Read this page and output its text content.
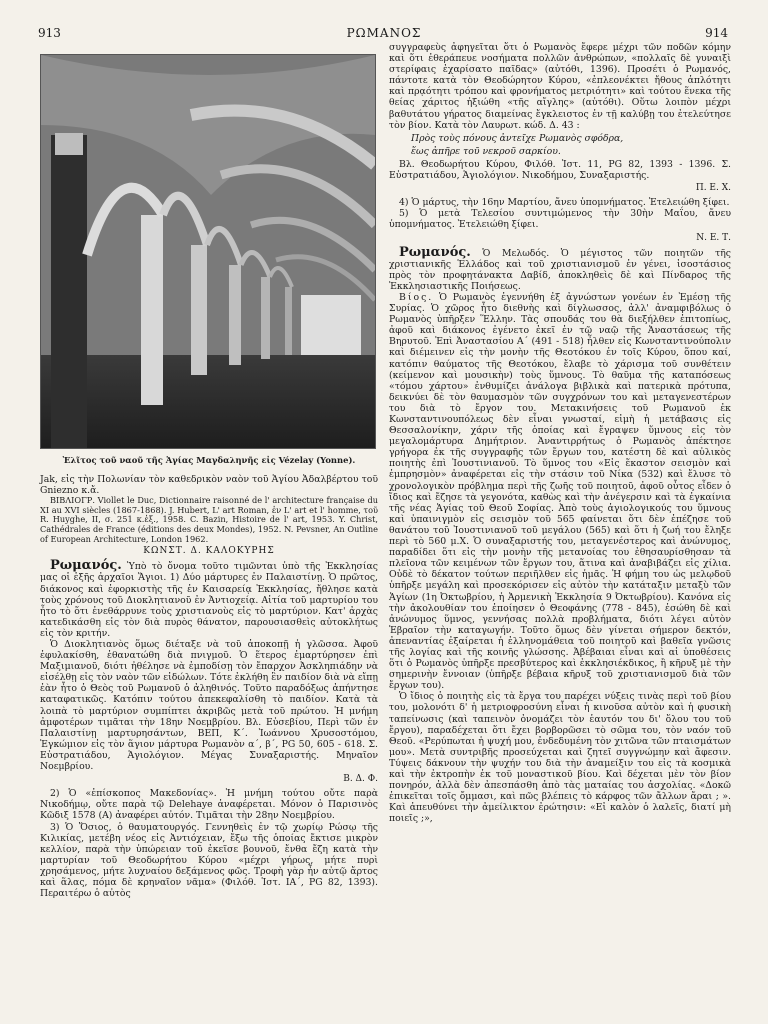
913	ΡΩΜΑΝΟΣ	914
Ἐλῖτος τοῦ ναοῦ τῆς Ἁγίας Μαγδαληνῆς εἰς Vézelay (Yonne).

Jak, εἰς τὴν Πολωνίαν τὸν καθεδρικὸν ναὸν τοῦ Ἁγίου Ἀδαλβέρτου τοῦ Gniezno κ.ἄ.

ΒΙΒΛΙΟΓΡ. Viollet le Duc, Dictionnaire raisonné de l' architecture française du XI au XVI siècles (1867-1868). J. Hubert, L' art Roman, ἐν L' art et l' homme, τοῦ R. Huyghe, II, σ. 251 κ.ἑξ., 1958. C. Bazin, Histoire de l' art, 1953. Y. Christ, Cathédrales de France (éditions des deux Mondes), 1952. N. Pevsner, An Outline of European Architecture, London 1962.

ΚΩΝΣΤ. Δ. ΚΑΛΟΚΥΡΗΣ

Ρωμανός. Ὑπὸ τὸ ὄνομα τοῦτο τιμῶνται ὑπὸ τῆς Ἐκκλησίας μας οἱ ἑξῆς ἀρχαῖοι Ἅγιοι. 1) Δύο μάρτυρες ἐν Παλαιστίνῃ. Ὁ πρῶτος, διάκονος καὶ ἐφορκιστὴς τῆς ἐν Καισαρείᾳ Ἐκκλησίας, ἤθλησε κατὰ τοὺς χρόνους τοῦ Διοκλητιανοῦ ἐν Ἀντιοχείᾳ. Αἰτία τοῦ μαρτυρίου του ἦτο τὸ ὅτι ἐνεθάρρυνε τοὺς χριστιανοὺς εἰς τὸ μαρτύριον. Κατ' ἀρχὰς κατεδικάσθη εἰς τὸν διὰ πυρὸς θάνατον, παρουσιασθεὶς αὐτοκλήτως εἰς τὸν κριτήν.

Ὁ Διοκλητιανὸς ὅμως διέταξε νὰ τοῦ ἀποκοπῇ ἡ γλῶσσα. Ἀφοῦ ἐφυλακίσθη, ἐθανατώθη διὰ πνιγμοῦ. Ὁ ἕτερος ἐμαρτύρησεν ἐπὶ Μαξιμιανοῦ, διότι ἠθέλησε νὰ ἐμποδίσῃ τὸν ἔπαρχον Ἀσκληπιάδην νὰ εἰσέλθῃ εἰς τὸν ναὸν τῶν εἰδώλων. Τότε ἐκλήθη ἓν παιδίον διὰ νὰ εἴπῃ ἐὰν ἦτο ὁ Θεὸς τοῦ Ρωμανοῦ ὁ ἀληθινός. Τοῦτο παραδόξως ἀπήντησε καταφατικῶς. Κατόπιν τούτου ἀπεκεφαλίσθη τὸ παιδίον. Κατὰ τὰ λοιπὰ τὸ μαρτύριον συμπίπτει ἀκριβῶς μετὰ τοῦ πρώτου. Ἡ μνήμη ἀμφοτέρων τιμᾶται τὴν 18ην Νοεμβρίου. Βλ. Εὐσεβίου, Περὶ τῶν ἐν Παλαιστίνῃ μαρτυρησάντων, ΒΕΠ, Κ΄. Ἰωάννου Χρυσοστόμου, Ἐγκώμιον εἰς τὸν ἅγιον μάρτυρα Ρωμανὸν α΄, β΄, PG 50, 605 - 618. Σ. Εὐστρατιάδου, Ἁγιολόγιον. Μέγας Συναξαριστής. Μηναῖον Νοεμβρίου.

Β. Δ. Φ.

2) Ὁ «ἐπίσκοπος Μακεδονίας». Ἡ μνήμη τούτου οὔτε παρὰ Νικοδήμῳ, οὔτε παρὰ τῷ Delehaye ἀναφέρεται. Μόνον ὁ Παρισινὸς Κῶδιξ 1578 (Α) ἀναφέρει αὐτόν. Τιμᾶται τὴν 28ην Νοεμβρίου.

3) Ὁ Ὅσιος, ὁ θαυματουργός. Γεννηθεὶς ἐν τῷ χωρίῳ Ρώσῳ τῆς Κιλικίας, μετέβη νέος εἰς Ἀντιόχειαν, ἔξω τῆς ὁποίας ἔκτισε μικρὸν κελλίον, παρὰ τὴν ὑπώρειαν τοῦ ἐκεῖσε βουνοῦ, ἔνθα ἔζη κατὰ τὴν μαρτυρίαν τοῦ Θεοδωρήτου Κύρου «μέχρι γήρως, μήτε πυρὶ χρησάμενος, μήτε λυχναίου δεξάμενος φῶς. Τροφὴ γὰρ ἦν αὐτῷ ἄρτος καὶ ἅλας, πόμα δὲ κρηναῖον νᾶμα» (Φιλόθ. Ἱστ. ΙΑ΄, PG 82, 1393). Περαιτέρω ὁ αὐτὸς

συγγραφεὺς ἀφηγεῖται ὅτι ὁ Ρωμανὸς ἔφερε μέχρι τῶν ποδῶν κόμην καὶ ὅτι ἐθεράπευε νοσήματα πολλῶν ἀνθρώπων, «πολλαῖς δὲ γυναιξὶ στερίφαις ἐχαρίσατο παῖδας» (αὐτόθι, 1396). Προσέτι ὁ Ρωμανός, πάντοτε κατὰ τὸν Θεοδώρητον Κύρου, «ἐπλεονέκτει ἤθους ἁπλότητι καὶ πρᾳότητι τρόπου καὶ φρονήματος μετριότητι» καὶ τούτου ἕνεκα τῆς θείας χάριτος ἠξιώθη «τῆς αἴγλης» (αὐτόθι). Οὕτω λοιπὸν μέχρι βαθυτάτου γήρατος διαμείνας ἔγκλειστος ἐν τῇ καλύβῃ του ἐτελεύτησε τὸν βίον. Κατὰ τὸν Λαυρωτ. κώδ. Δ. 43 :

Πρὸς τοὺς πόνους ἀντεῖχε Ρωμανὸς σφόδρα,
ἕως ἀπῆρε τοῦ νεκροῦ σαρκίου.

Βλ. Θεοδωρήτου Κύρου, Φιλόθ. Ἱστ. 11, PG 82, 1393 - 1396. Σ. Εὐστρατιάδου, Ἁγιολόγιον. Νικοδήμου, Συναξαριστής.

Π. Ε. Χ.

4) Ὁ μάρτυς, τὴν 16ην Μαρτίου, ἄνευ ὑπομνήματος. Ἐτελειώθη ξίφει.

5) Ὁ μετὰ Τελεσίου συντιμώμενος τὴν 30ὴν Μαΐου, ἄνευ ὑπομνήματος. Ἐτελειώθη ξίφει.

Ν. Ε. Τ.

Ρωμανός. Ὁ Μελωδός. Ὁ μέγιστος τῶν ποιητῶν τῆς χριστιανικῆς Ἑλλάδος καὶ τοῦ χριστιανισμοῦ ἐν γένει, ἰσοστάσιος πρὸς τὸν προφητάνακτα Δαβίδ, ἀποκληθεὶς δὲ καὶ Πίνδαρος τῆς Ἐκκλησιαστικῆς Ποιήσεως.

Βίος. Ὁ Ρωμανὸς ἐγεννήθη ἐξ ἀγνώστων γονέων ἐν Ἐμέσῃ τῆς Συρίας. Ὁ χῶρος ἦτο διεθνὴς καὶ δίγλωσσος, ἀλλ' ἀναμφιβόλως ὁ Ρωμανὸς ὑπῆρξεν Ἕλλην. Τὰς σπουδάς του θὰ διεξήλθεν ἐπιτοπίως, ἀφοῦ καὶ διάκονος ἐγένετο ἐκεῖ ἐν τῷ ναῷ τῆς Ἀναστάσεως τῆς Βηρυτοῦ. Ἐπὶ Ἀναστασίου Α΄ (491 - 518) ἦλθεν εἰς Κωνσταντινούπολιν καὶ διέμεινεν εἰς τὴν μονὴν τῆς Θεοτόκου ἐν τοῖς Κύρου, ὅπου καί, κατόπιν θαύματος τῆς Θεοτόκου, ἔλαβε τὸ χάρισμα τοῦ συνθέτειν (κείμενον καὶ μουσικὴν) τοὺς ὕμνους. Τὸ θαῦμα τῆς καταπόσεως «τόμου χάρτου» ἐνθυμίζει ἀνάλογα βιβλικὰ καὶ πατερικὰ πρότυπα, δεικνύει δὲ τὸν θαυμασμὸν τῶν συγχρόνων του καὶ μεταγενεστέρων του διὰ τὸ ἔργον του. Μετακινήσεις τοῦ Ρωμανοῦ ἐκ Κωνσταντινουπόλεως δὲν εἶναι γνωσταί, εἰμὴ ἡ μετάβασις εἰς Θεσσαλονίκην, χάριν τῆς ὁποίας καὶ ἔγραψεν ὕμνους εἰς τὸν μεγαλομάρτυρα Δημήτριον. Ἀναντιρρήτως ὁ Ρωμανὸς ἀπέκτησε γρήγορα ἐκ τῆς συγγραφῆς τῶν ἔργων του, κατέστη δὲ καὶ αὐλικὸς ποιητὴς ἐπὶ Ἰουστινιανοῦ. Τὸ ὕμνος του «Εἰς ἕκαστον σεισμὸν καὶ ἐμπρησμὸν» ἀναφέρεται εἰς τὴν στάσιν τοῦ Νίκα (532) καὶ ἔλυσε τὸ χρονολογικὸν πρόβλημα περὶ τῆς ζωῆς τοῦ ποιητοῦ, ἀφοῦ οὗτος εἶδεν ὁ ἴδιος καὶ ἔζησε τὰ γεγονότα, καθὼς καὶ τὴν ἀνέγερσιν καὶ τὰ ἐγκαίνια τῆς νέας Ἁγίας τοῦ Θεοῦ Σοφίας. Ἀπὸ τοὺς ἁγιολογικούς του ὕμνους καὶ ὑπαινιγμὸν εἰς σεισμὸν τοῦ 565 φαίνεται ὅτι δὲν ἐπέζησε τοῦ θανάτου τοῦ Ἰουστινιανοῦ τοῦ μεγάλου (565) καὶ ὅτι ἡ ζωή του ἔληξε περὶ τὸ 560 μ.Χ. Ὁ συναξαριστής του, μεταγενέστερος καὶ ἀνώνυμος, παραδίδει ὅτι εἰς τὴν μονὴν τῆς μετανοίας του ἐθησαυρίσθησαν τὰ πλεῖονα τῶν κειμένων τῶν ἔργων του, ἅτινα καὶ ἀναβιβάζει εἰς χίλια. Οὐδὲ τὸ δέκατον τούτων περιῆλθεν εἰς ἡμᾶς. Ἡ φήμη του ὡς μελῳδοῦ ὑπῆρξε μεγάλη καὶ προσεκόρισεν εἰς αὐτὸν τὴν κατάταξιν μεταξὺ τῶν Ἁγίων (1η Ὀκτωβρίου, ἡ Ἀρμενικὴ Ἐκκλησία 9 Ὀκτωβρίου). Κανόνα εἰς τὴν ἀκολουθίαν του ἐποίησεν ὁ Θεοφάνης (778 - 845), ἐσώθη δὲ καὶ ἀνώνυμος ὕμνος, γεννήσας πολλὰ προβλήματα, διότι λέγει αὐτὸν Ἑβραῖον τὴν καταγωγήν. Τοῦτο ὅμως δὲν γίνεται σήμερον δεκτόν, ἀπεναντίας ἐξαίρεται ἡ ἑλληνομάθεια τοῦ ποιητοῦ καὶ βαθεῖα γνῶσις τῆς λογίας καὶ τῆς κοινῆς γλώσσης. Ἀβέβαιαι εἶναι καὶ αἱ ὑποθέσεις ὅτι ὁ Ρωμανὸς ὑπῆρξε πρεσβύτερος καὶ ἐκκλησιέκδικος, ἢ κῆρυξ μὲ τὴν σημερινὴν ἔννοιαν (ὑπῆρξε βέβαια κῆρυξ τοῦ χριστιανισμοῦ διὰ τῶν ἔργων του).

Ὁ ἴδιος ὁ ποιητὴς εἰς τὰ ἔργα του παρέχει νύξεις τινὰς περὶ τοῦ βίου του, μολονότι δ' ἡ μετριοφροσύνη εἶναι ἡ κινοῦσα αὐτὸν καὶ ἡ φυσικὴ ταπείνωσις (καὶ ταπεινὸν ὀνομάζει τὸν ἑαυτόν του δι' ὅλου του τοῦ ἔργου), παραδέχεται ὅτι ἔχει βορβορῶσει τὸ σῶμα του, τὸν ναόν τοῦ Θεοῦ. «Ρερύπωται ἡ ψυχή μου, ἐνδεδυμένη τὸν χιτῶνα τῶν πταισμάτων μου». Μετὰ συντριβῆς προσεύχεται καὶ ζητεῖ συγγνώμην καὶ ἄφεσιν. Τύψεις δάκνουν τὴν ψυχήν του διὰ τὴν ἀναμείξιν του εἰς τὰ κοσμικὰ καὶ τὴν ἐκτροπὴν ἐκ τοῦ μοναστικοῦ βίου. Καὶ δέχεται μὲν τὸν βίον πονηρόν, ἀλλὰ δὲν ἀπεσπάσθη ἀπὸ τὰς ματαίας του ἀσχολίας. «Δοκῶ ἐπικεῖται τοῖς ὄμμασι, καὶ πῶς βλέπεις τὸ κάρφος τῶν ἄλλων ἄραι ; ». Καὶ ἀπευθύνει τὴν ἀμείλικτον ἐρώτησιν: «Εἰ καλὸν ὁ λαλεῖς, διατί μὴ ποιεῖς ;»,
